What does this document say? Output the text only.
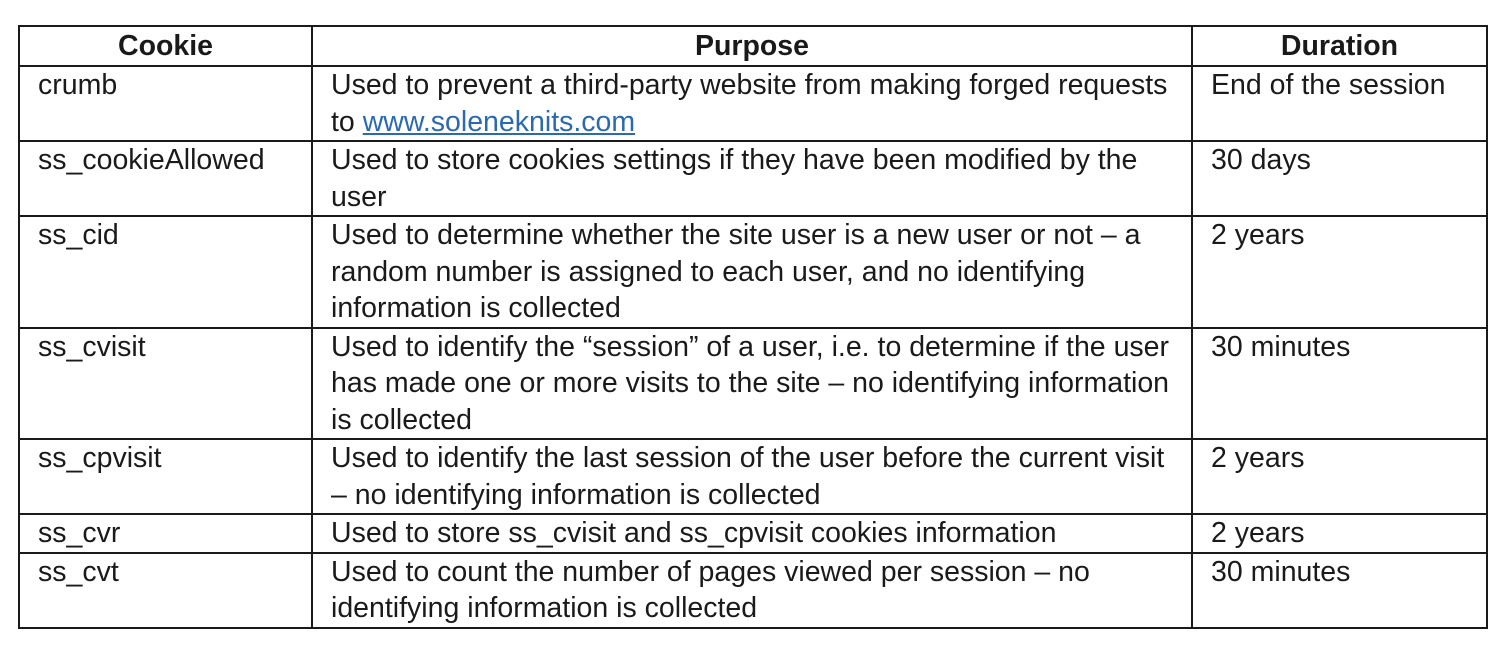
Cookie	Purpose	Duration
crumb	Used to prevent a third-party website from making forged requests to www.soleneknits.com	End of the session
ss_cookieAllowed	Used to store cookies settings if they have been modified by the user	30 days
ss_cid	Used to determine whether the site user is a new user or not – a random number is assigned to each user, and no identifying information is collected	2 years
ss_cvisit	Used to identify the “session” of a user, i.e. to determine if the user has made one or more visits to the site – no identifying information is collected	30 minutes
ss_cpvisit	Used to identify the last session of the user before the current visit – no identifying information is collected	2 years
ss_cvr	Used to store ss_cvisit and ss_cpvisit cookies information	2 years
ss_cvt	Used to count the number of pages viewed per session – no identifying information is collected	30 minutes
